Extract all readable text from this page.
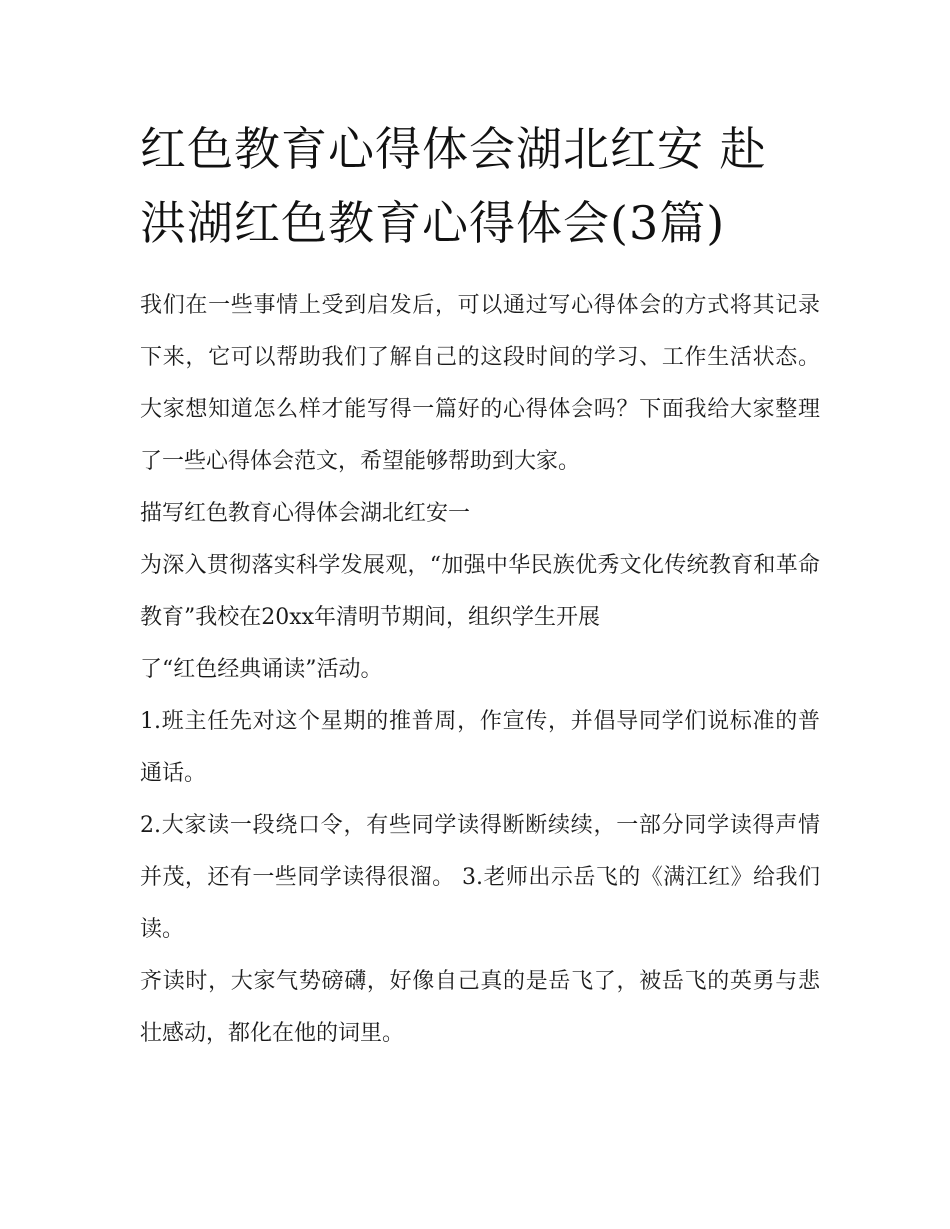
红色教育心得体会湖北红安 赴
洪湖红色教育心得体会(3篇)

我们在一些事情上受到启发后，可以通过写心得体会的方式将其记录下来，它可以帮助我们了解自己的这段时间的学习、工作生活状态。大家想知道怎么样才能写得一篇好的心得体会吗？下面我给大家整理了一些心得体会范文，希望能够帮助到大家。

描写红色教育心得体会湖北红安一

为深入贯彻落实科学发展观，“加强中华民族优秀文化传统教育和革命教育”我校在20xx年清明节期间，组织学生开展

了“红色经典诵读”活动。

1.班主任先对这个星期的推普周，作宣传，并倡导同学们说标准的普通话。

2.大家读一段绕口令，有些同学读得断断续续，一部分同学读得声情并茂，还有一些同学读得很溜。 3.老师出示岳飞的《满江红》给我们读。

齐读时，大家气势磅礴，好像自己真的是岳飞了，被岳飞的英勇与悲壮感动，都化在他的词里。
